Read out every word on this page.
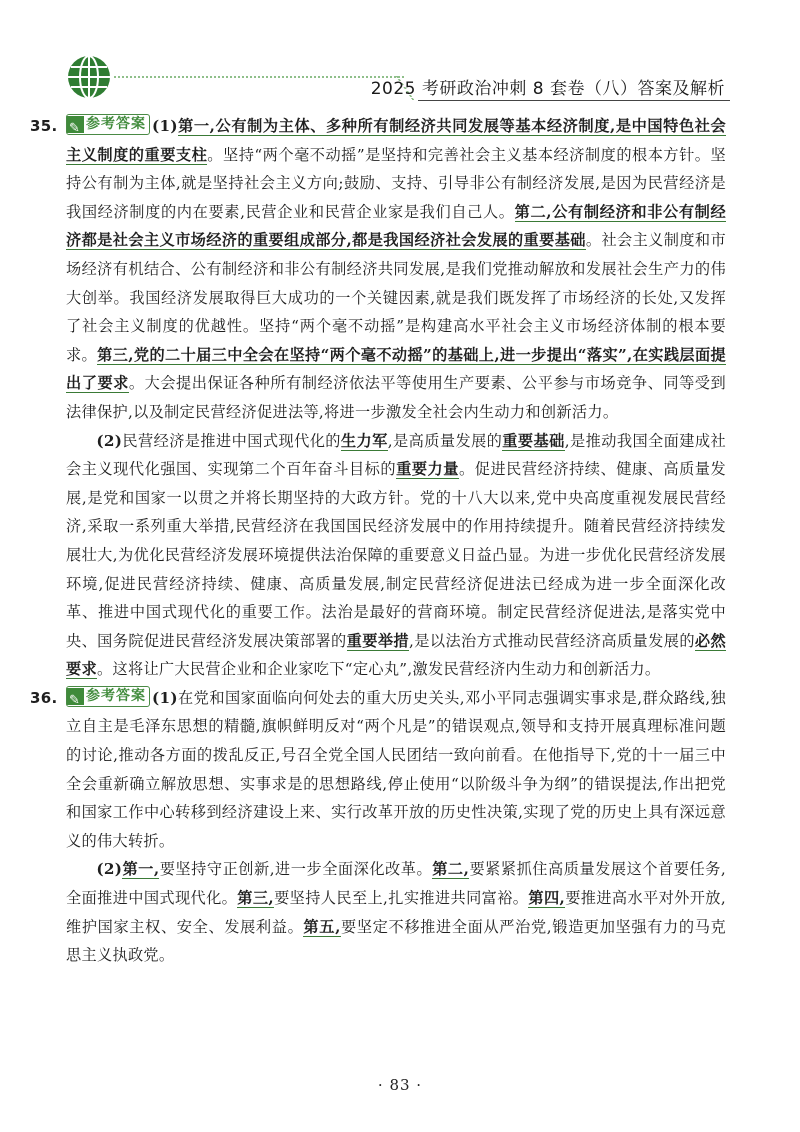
2025 考研政治冲刺 8 套卷（八）答案及解析

35. ✎ 参考答案 (1)第一,公有制为主体、多种所有制经济共同发展等基本经济制度,是中国特色社会主义制度的重要支柱。坚持“两个毫不动摇”是坚持和完善社会主义基本经济制度的根本方针。坚持公有制为主体,就是坚持社会主义方向;鼓励、支持、引导非公有制经济发展,是因为民营经济是我国经济制度的内在要素,民营企业和民营企业家是我们自己人。第二,公有制经济和非公有制经济都是社会主义市场经济的重要组成部分,都是我国经济社会发展的重要基础。社会主义制度和市场经济有机结合、公有制经济和非公有制经济共同发展,是我们党推动解放和发展社会生产力的伟大创举。我国经济发展取得巨大成功的一个关键因素,就是我们既发挥了市场经济的长处,又发挥了社会主义制度的优越性。坚持“两个毫不动摇”是构建高水平社会主义市场经济体制的根本要求。第三,党的二十届三中全会在坚持“两个毫不动摇”的基础上,进一步提出“落实”,在实践层面提出了要求。大会提出保证各种所有制经济依法平等使用生产要素、公平参与市场竞争、同等受到法律保护,以及制定民营经济促进法等,将进一步激发全社会内生动力和创新活力。

(2)民营经济是推进中国式现代化的生力军,是高质量发展的重要基础,是推动我国全面建成社会主义现代化强国、实现第二个百年奋斗目标的重要力量。促进民营经济持续、健康、高质量发展,是党和国家一以贯之并将长期坚持的大政方针。党的十八大以来,党中央高度重视发展民营经济,采取一系列重大举措,民营经济在我国国民经济发展中的作用持续提升。随着民营经济持续发展壮大,为优化民营经济发展环境提供法治保障的重要意义日益凸显。为进一步优化民营经济发展环境,促进民营经济持续、健康、高质量发展,制定民营经济促进法已经成为进一步全面深化改革、推进中国式现代化的重要工作。法治是最好的营商环境。制定民营经济促进法,是落实党中央、国务院促进民营经济发展决策部署的重要举措,是以法治方式推动民营经济高质量发展的必然要求。这将让广大民营企业和企业家吃下“定心丸”,激发民营经济内生动力和创新活力。

36. ✎ 参考答案 (1)在党和国家面临向何处去的重大历史关头,邓小平同志强调实事求是,群众路线,独立自主是毛泽东思想的精髓,旗帜鲜明反对“两个凡是”的错误观点,领导和支持开展真理标准问题的讨论,推动各方面的拨乱反正,号召全党全国人民团结一致向前看。在他指导下,党的十一届三中全会重新确立解放思想、实事求是的思想路线,停止使用“以阶级斗争为纲”的错误提法,作出把党和国家工作中心转移到经济建设上来、实行改革开放的历史性决策,实现了党的历史上具有深远意义的伟大转折。

(2)第一,要坚持守正创新,进一步全面深化改革。第二,要紧紧抓住高质量发展这个首要任务,全面推进中国式现代化。第三,要坚持人民至上,扎实推进共同富裕。第四,要推进高水平对外开放,维护国家主权、安全、发展利益。第五,要坚定不移推进全面从严治党,锻造更加坚强有力的马克思主义执政党。

· 83 ·
